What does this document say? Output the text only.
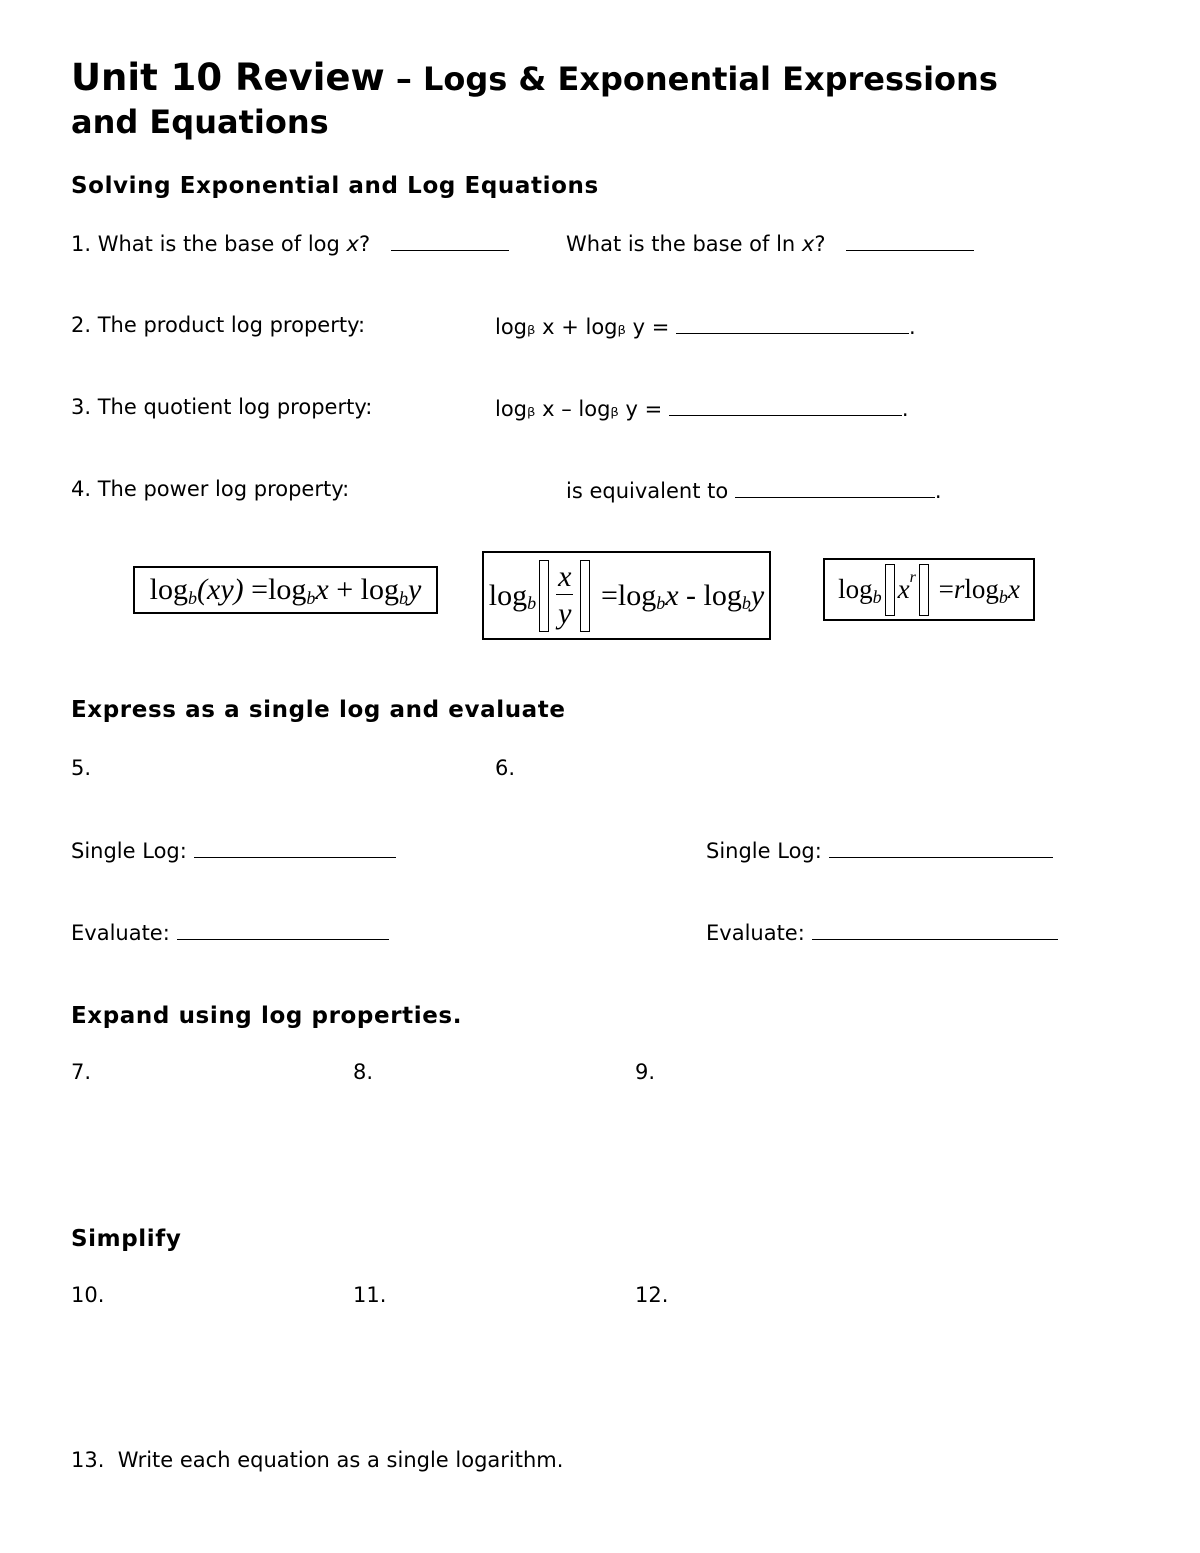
Unit 10 Review – Logs & Exponential Expressions
and Equations
Solving Exponential and Log Equations
1. What is the base of log x?	What is the base of ln x?
2. The product log property:	logᵦ x + logᵦ y =	.
3. The quotient log property:	logᵦ x – logᵦ y =	.
4. The power log property:	is equivalent to	.
log b (xy)
= log b x
+
log b y log b $\frac{x}{y}$
= log b x
-
log b y	log b x r
= r log b x
Express as a single log and evaluate
5.	6.
Single Log:	Single Log:
Evaluate:	Evaluate:
Expand using log properties.
7.	8.	9.
Simplify
10.	11.	12.
13. Write each equation as a single logarithm.
